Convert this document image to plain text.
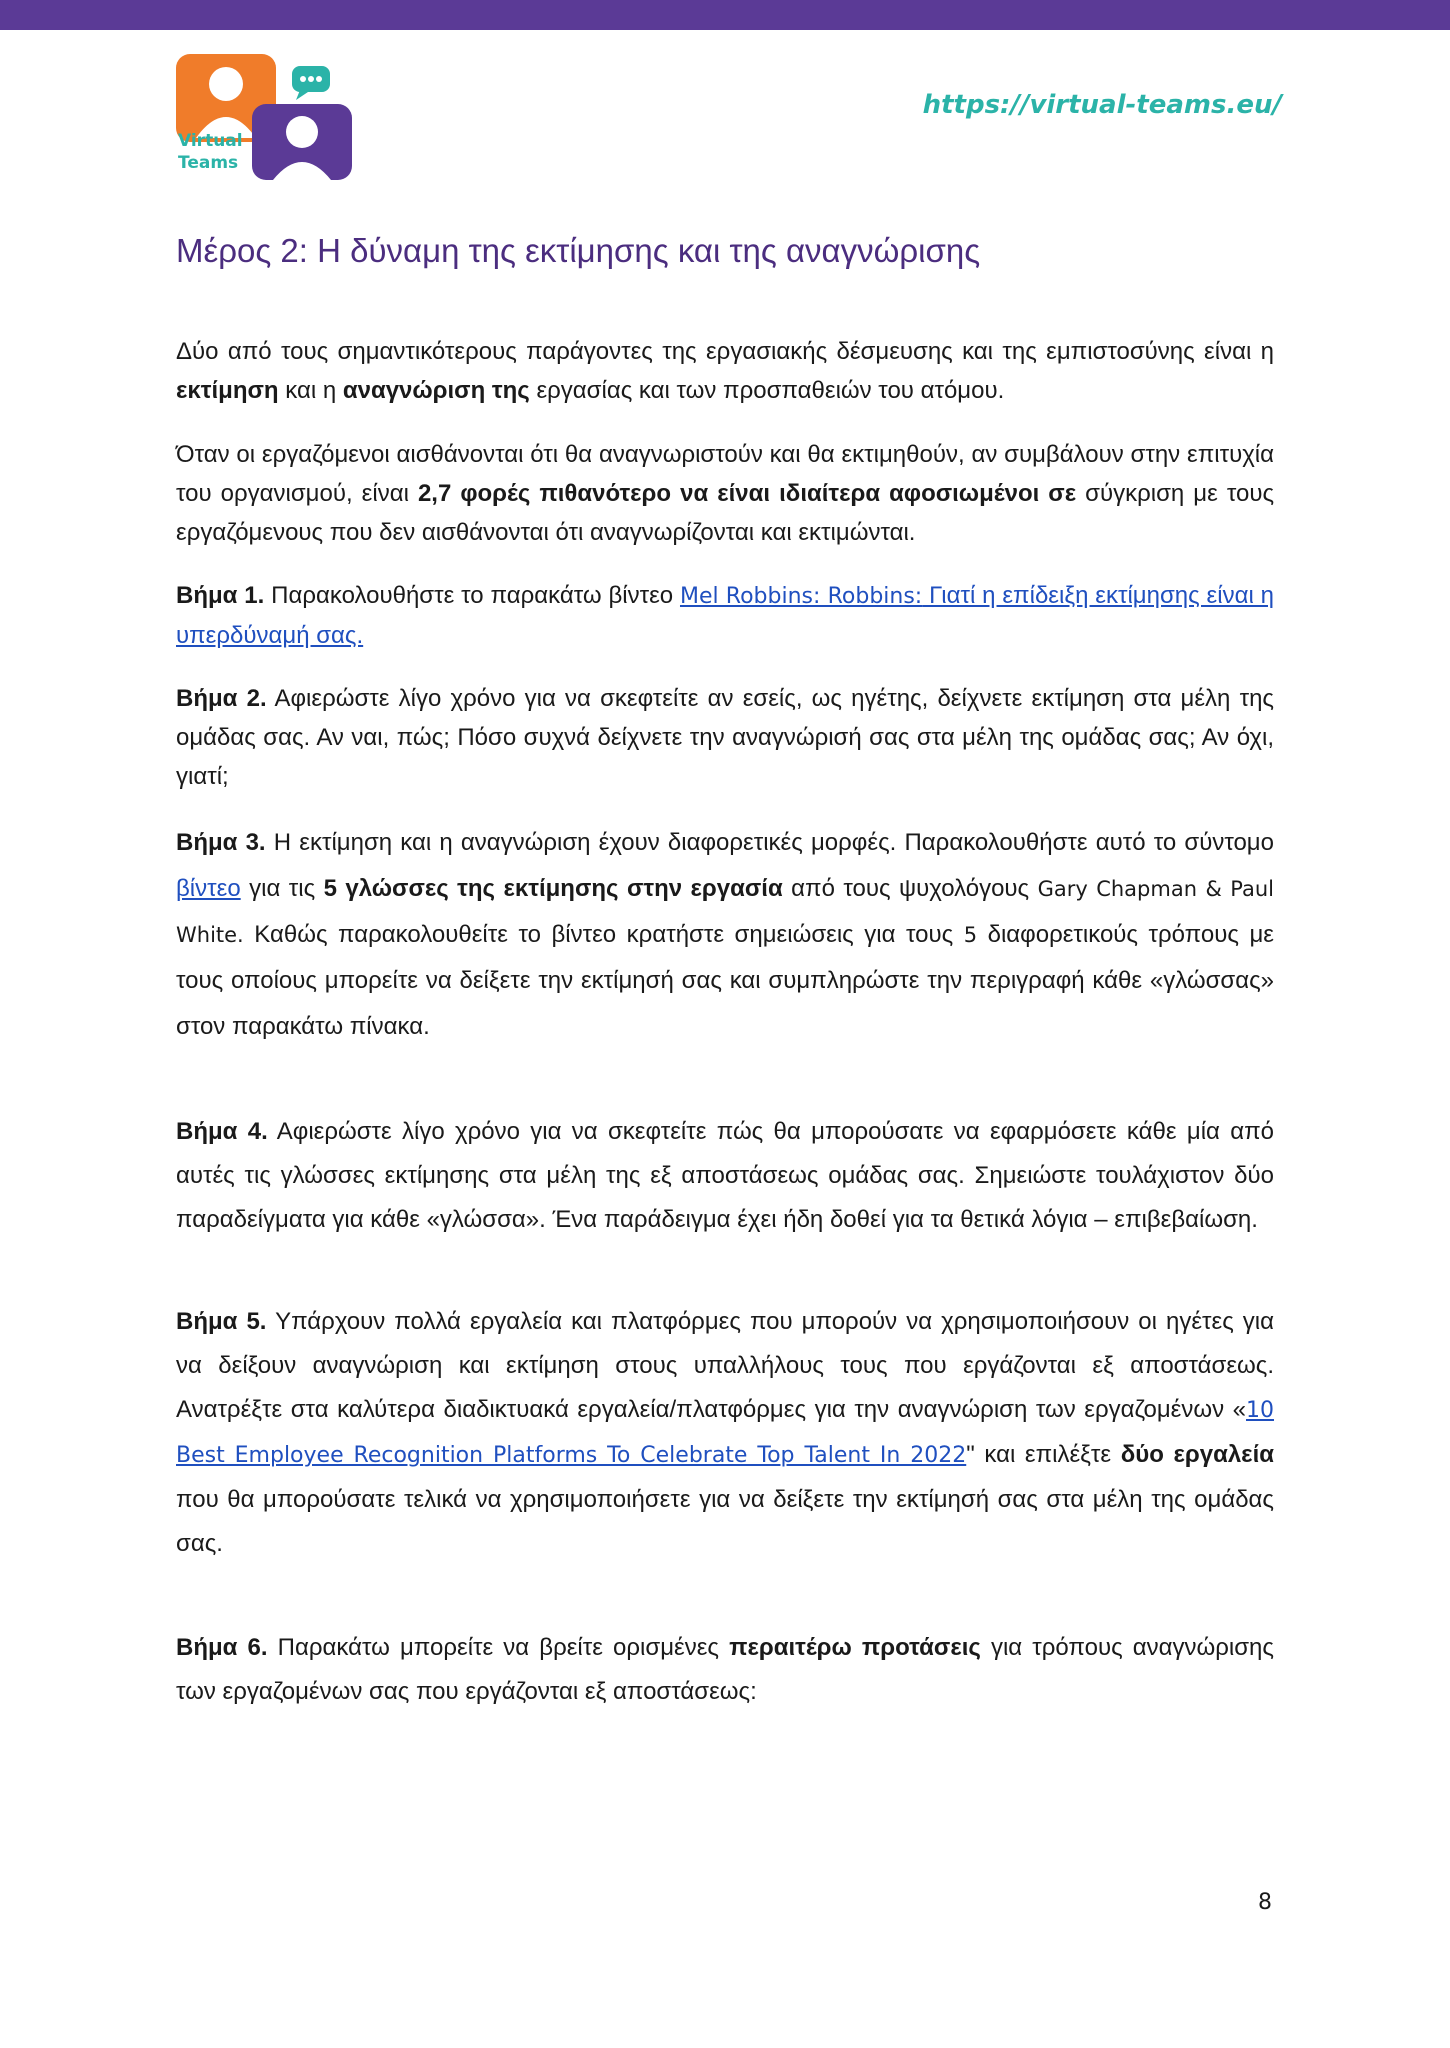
Virtual
Teams
https://virtual-teams.eu/
Μέρος 2: Η δύναμη της εκτίμησης και της αναγνώρισης

Δύο από τους σημαντικότερους παράγοντες της εργασιακής δέσμευσης και της εμπιστοσύνης είναι η εκτίμηση και η αναγνώριση της εργασίας και των προσπαθειών του ατόμου.

Όταν οι εργαζόμενοι αισθάνονται ότι θα αναγνωριστούν και θα εκτιμηθούν, αν συμβάλουν στην επιτυχία του οργανισμού, είναι 2,7 φορές πιθανότερο να είναι ιδιαίτερα αφοσιωμένοι σε σύγκριση με τους εργαζόμενους που δεν αισθάνονται ότι αναγνωρίζονται και εκτιμώνται.

Βήμα 1. Παρακολουθήστε το παρακάτω βίντεο Mel Robbins: Robbins: Γιατί η επίδειξη εκτίμησης είναι η υπερδύναμή σας.

Βήμα 2. Αφιερώστε λίγο χρόνο για να σκεφτείτε αν εσείς, ως ηγέτης, δείχνετε εκτίμηση στα μέλη της ομάδας σας. Αν ναι, πώς; Πόσο συχνά δείχνετε την αναγνώρισή σας στα μέλη της ομάδας σας; Αν όχι, γιατί;

Βήμα 3. Η εκτίμηση και η αναγνώριση έχουν διαφορετικές μορφές. Παρακολουθήστε αυτό το σύντομο βίντεο για τις 5 γλώσσες της εκτίμησης στην εργασία από τους ψυχολόγους Gary Chapman & Paul White. Καθώς παρακολουθείτε το βίντεο κρατήστε σημειώσεις για τους 5 διαφορετικούς τρόπους με τους οποίους μπορείτε να δείξετε την εκτίμησή σας και συμπληρώστε την περιγραφή κάθε «γλώσσας» στον παρακάτω πίνακα.

Βήμα 4. Αφιερώστε λίγο χρόνο για να σκεφτείτε πώς θα μπορούσατε να εφαρμόσετε κάθε μία από αυτές τις γλώσσες εκτίμησης στα μέλη της εξ αποστάσεως ομάδας σας. Σημειώστε τουλάχιστον δύο παραδείγματα για κάθε «γλώσσα». Ένα παράδειγμα έχει ήδη δοθεί για τα θετικά λόγια – επιβεβαίωση.

Βήμα 5. Υπάρχουν πολλά εργαλεία και πλατφόρμες που μπορούν να χρησιμοποιήσουν οι ηγέτες για να δείξουν αναγνώριση και εκτίμηση στους υπαλλήλους τους που εργάζονται εξ αποστάσεως. Ανατρέξτε στα καλύτερα διαδικτυακά εργαλεία/πλατφόρμες για την αναγνώριση των εργαζομένων «10 Best Employee Recognition Platforms To Celebrate Top Talent In 2022" και επιλέξτε δύο εργαλεία που θα μπορούσατε τελικά να χρησιμοποιήσετε για να δείξετε την εκτίμησή σας στα μέλη της ομάδας σας.

Βήμα 6. Παρακάτω μπορείτε να βρείτε ορισμένες περαιτέρω προτάσεις για τρόπους αναγνώρισης των εργαζομένων σας που εργάζονται εξ αποστάσεως:

8
